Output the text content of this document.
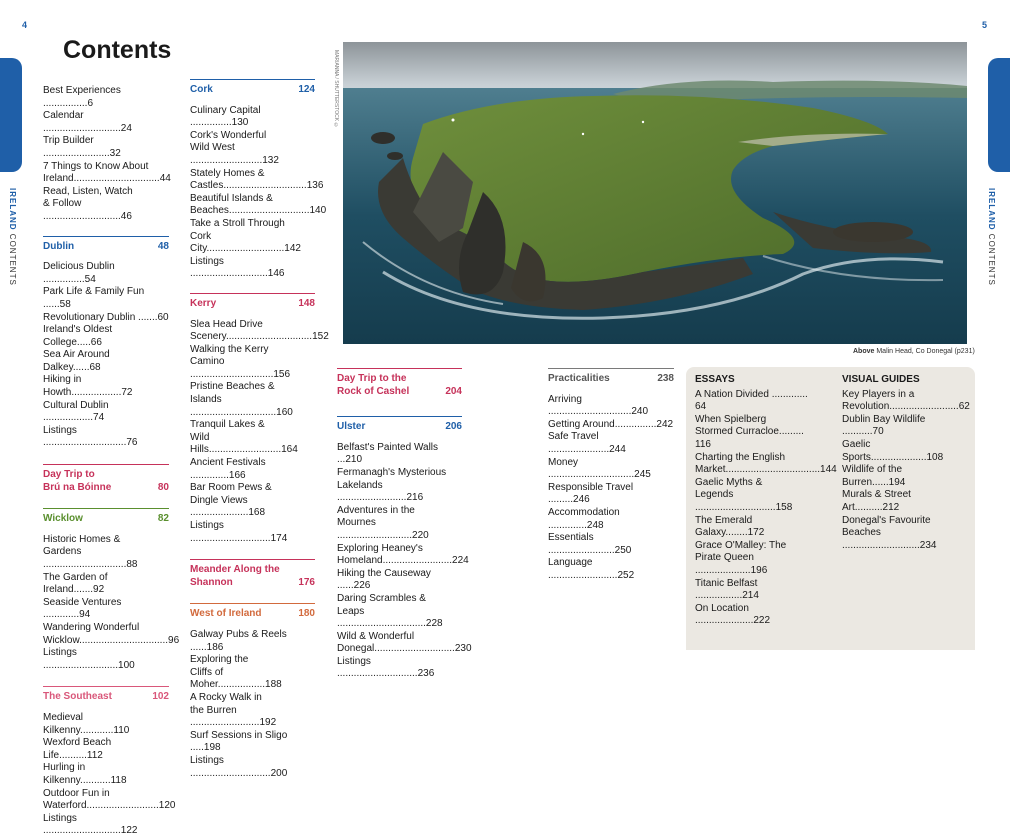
4	5
IRELAND CONTENTS
IRELAND CONTENTS
Contents
Best Experiences ................6
Calendar ............................24
Trip Builder ........................32
7 Things to Know About
Ireland...............................44
Read, Listen, Watch
& Follow ............................46
Dublin	48
Delicious Dublin ...............54
Park Life & Family Fun ......58
Revolutionary Dublin .......60
Ireland's Oldest College.....66
Sea Air Around Dalkey......68
Hiking in Howth..................72
Cultural Dublin ..................74
Listings ..............................76
Day Trip to
Brú na Bóinne	80
Wicklow	82
Historic Homes &
Gardens ..............................88
The Garden of Ireland.......92
Seaside Ventures .............94
Wandering Wonderful
Wicklow................................96
Listings ...........................100
The Southeast	102
Medieval Kilkenny............110
Wexford Beach Life..........112
Hurling in Kilkenny...........118
Outdoor Fun in
Waterford..........................120
Listings ............................122
Cork	124
Culinary Capital ...............130
Cork's Wonderful
Wild West ..........................132
Stately Homes &
Castles..............................136
Beautiful Islands &
Beaches.............................140
Take a Stroll Through
Cork City............................142
Listings ............................146
Kerry	148
Slea Head Drive
Scenery...............................152
Walking the Kerry
Camino ..............................156
Pristine Beaches &
Islands ...............................160
Tranquil Lakes &
Wild Hills..........................164
Ancient Festivals ..............166
Bar Room Pews &
Dingle Views .....................168
Listings .............................174
Meander Along the
Shannon	176
West of Ireland	180
Galway Pubs & Reels ......186
Exploring the
Cliffs of Moher.................188
A Rocky Walk in
the Burren .........................192
Surf Sessions in Sligo .....198
Listings .............................200
MARIANNA / SHUTTERSTOCK ©
Above Malin Head, Co Donegal (p231)
Day Trip to the
Rock of Cashel	204
Ulster	206
Belfast's Painted Walls ...210
Fermanagh's Mysterious
Lakelands .........................216
Adventures in the
Mournes ...........................220
Exploring Heaney's
Homeland.........................224
Hiking the Causeway ......226
Daring Scrambles &
Leaps ................................228
Wild & Wonderful
Donegal.............................230
Listings .............................236
Practicalities	238
Arriving ..............................240
Getting Around...............242
Safe Travel ......................244
Money ...............................245
Responsible Travel .........246
Accommodation ..............248
Essentials ........................250
Language .........................252
ESSAYS
A Nation Divided ............. 64
When Spielberg
Stormed Curracloe......... 116
Charting the English
Market..................................144
Gaelic Myths &
Legends .............................158
The Emerald Galaxy........172
Grace O'Malley: The
Pirate Queen ....................196
Titanic Belfast .................214
On Location .....................222
VISUAL GUIDES
Key Players in a
Revolution.........................62
Dublin Bay Wildlife ...........70
Gaelic Sports....................108
Wildlife of the Burren......194
Murals & Street Art..........212
Donegal's Favourite
Beaches ............................234
